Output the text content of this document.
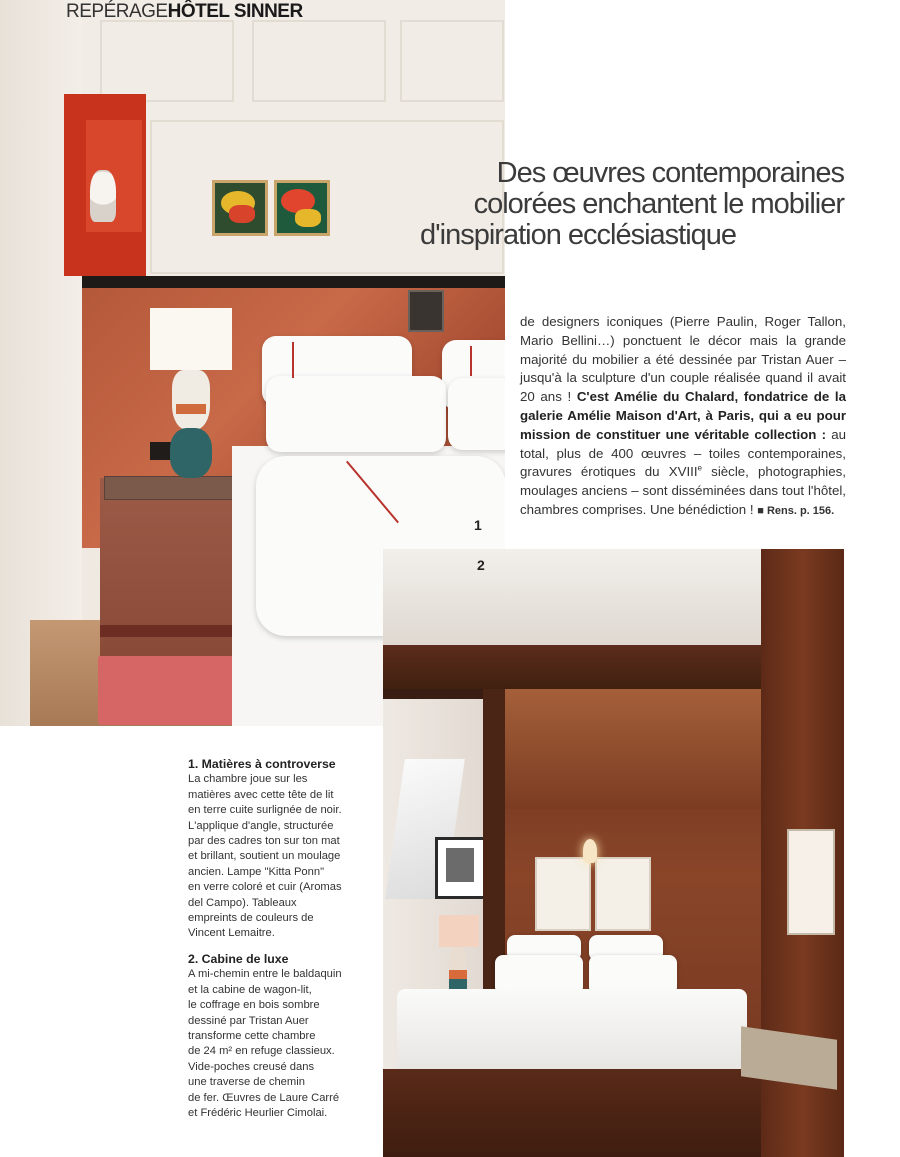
1
REPÉRAGEHÔTEL SINNER
Des œuvres contemporaines
colorées enchantent le mobilier
d'inspiration ecclésiastique
de designers iconiques (Pierre Paulin, Roger Tallon, Mario Bellini…) ponctuent le décor mais la grande majorité du mobilier a été dessinée par Tristan Auer – jusqu'à la sculpture d'un couple réalisée quand il avait 20 ans ! C'est Amélie du Chalard, fondatrice de la galerie Amélie Maison d'Art, à Paris, qui a eu pour mission de constituer une véritable collection : au total, plus de 400 œuvres – toiles contemporaines, gravures érotiques du XVIIIe siècle, photographies, moulages anciens – sont disséminées dans tout l'hôtel, chambres comprises. Une bénédiction ! ■ Rens. p. 156.
2
1. Matières à controverse
La chambre joue sur les
matières avec cette tête de lit
en terre cuite surlignée de noir.
L'applique d'angle, structurée
par des cadres ton sur ton mat
et brillant, soutient un moulage
ancien. Lampe "Kitta Ponn"
en verre coloré et cuir (Aromas
del Campo). Tableaux
empreints de couleurs de
Vincent Lemaitre.
2. Cabine de luxe
A mi-chemin entre le baldaquin
et la cabine de wagon-lit,
le coffrage en bois sombre
dessiné par Tristan Auer
transforme cette chambre
de 24 m² en refuge classieux.
Vide-poches creusé dans
une traverse de chemin
de fer. Œuvres de Laure Carré
et Frédéric Heurlier Cimolai.
